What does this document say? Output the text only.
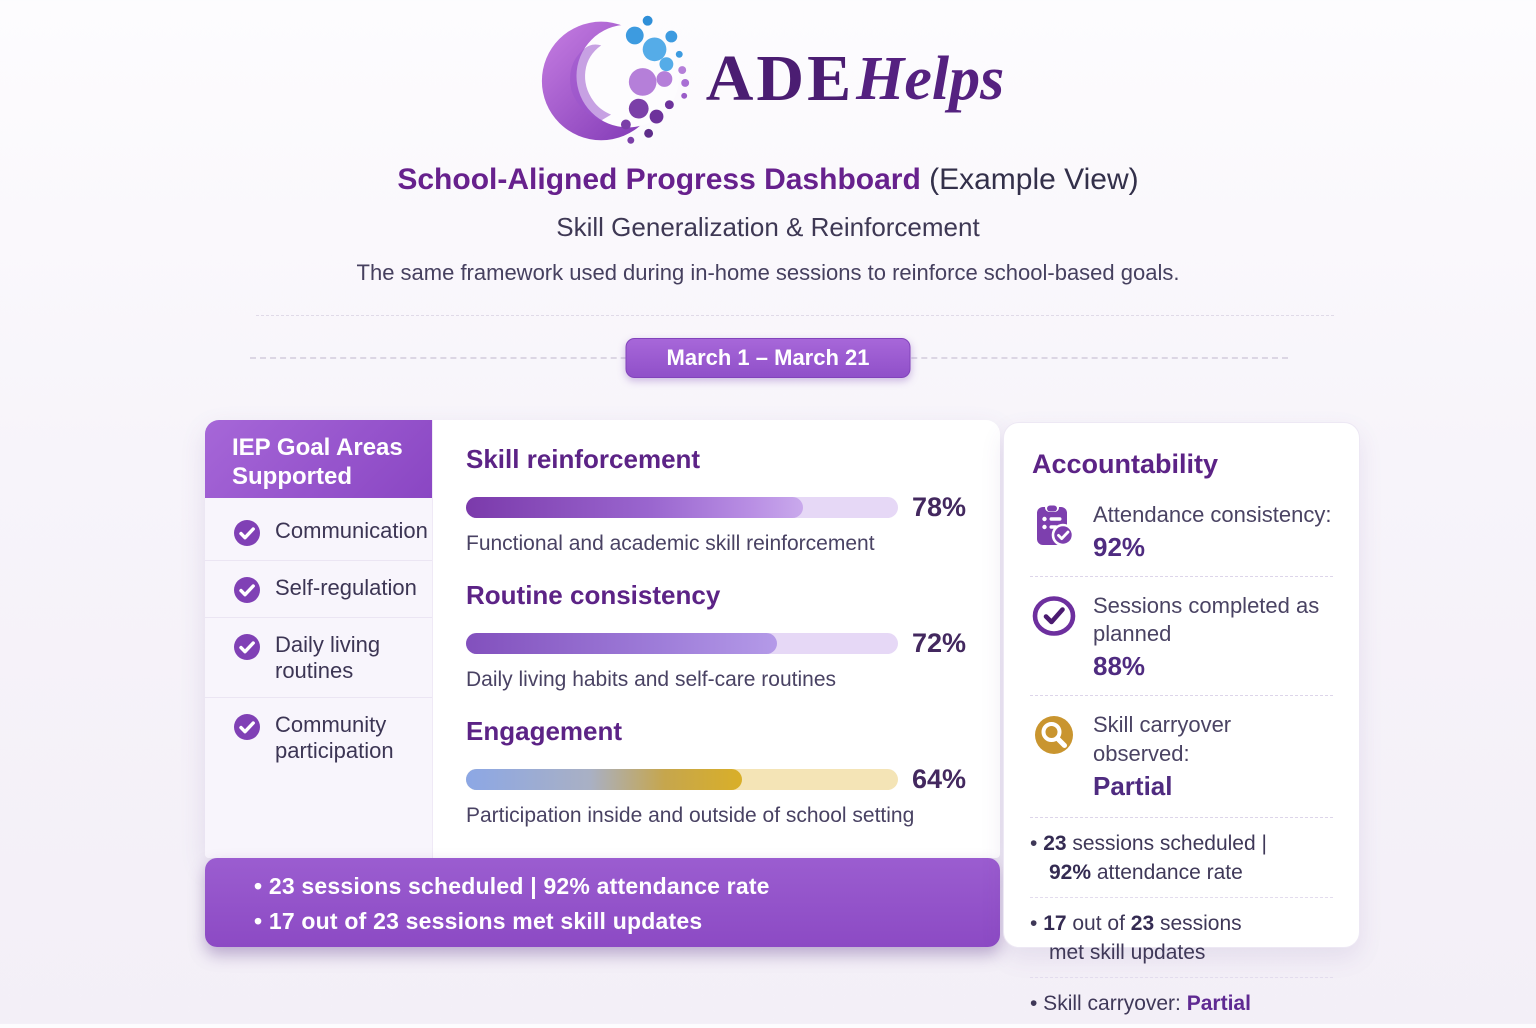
ADE Helps
School-Aligned Progress Dashboard (Example View)
Skill Generalization & Reinforcement
The same framework used during in-home sessions to reinforce school-based goals.
March 1 – March 21
IEP Goal Areas Supported
Communication
Self-regulation
Daily living routines
Community participation
Skill reinforcement
78%
Functional and academic skill reinforcement
Routine consistency
72%
Daily living habits and self-care routines
Engagement
64%
Participation inside and outside of school setting
• 23 sessions scheduled | 92% attendance rate
• 17 out of 23 sessions met skill updates
Accountability
Attendance consistency:
92%
Sessions completed as planned
88%
Skill carryover observed:
Partial
• 23 sessions scheduled |
92% attendance rate
• 17 out of 23 sessions
met skill updates
• Skill carryover: Partial
